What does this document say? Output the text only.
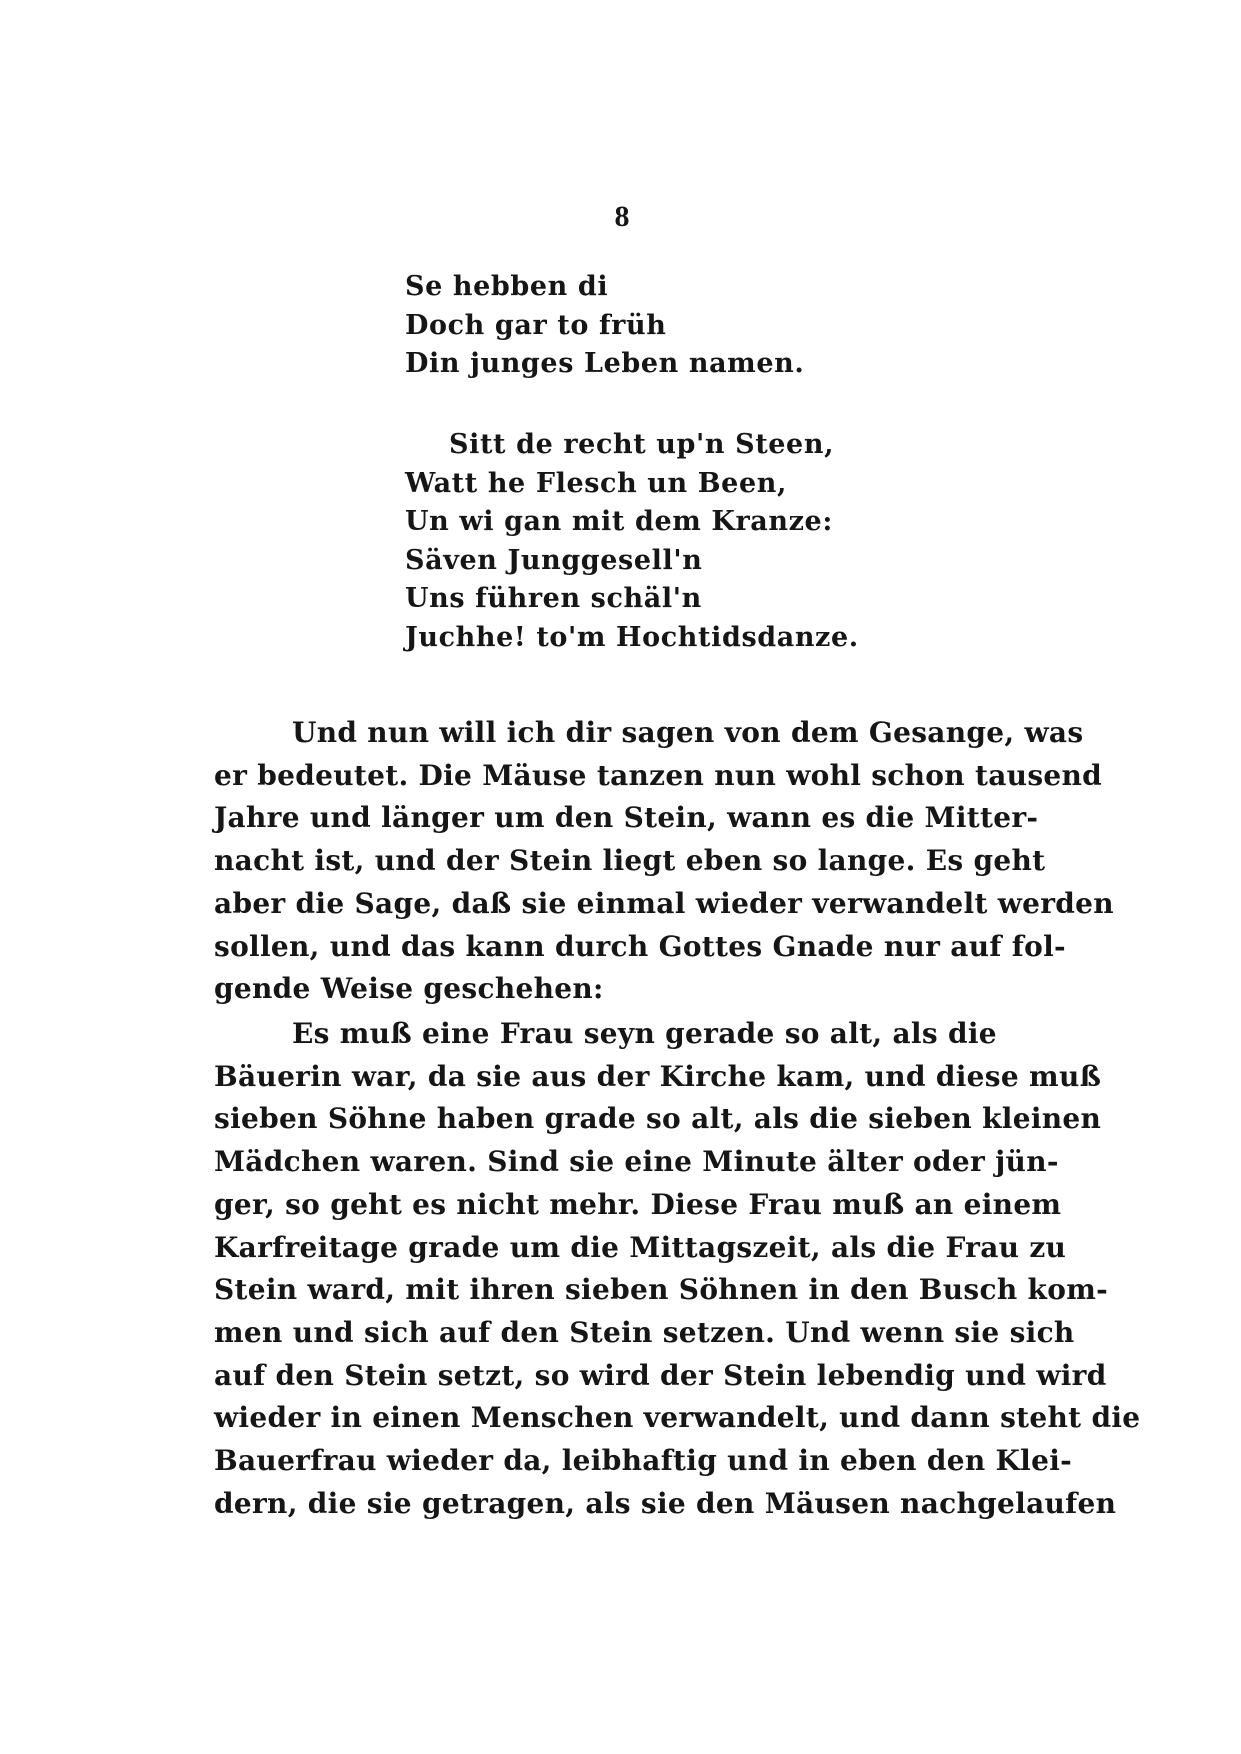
8
Se hebben di
Doch gar to früh
Din junges Leben namen.
Sitt de recht up'n Steen,
Watt he Flesch un Been,
Un wi gan mit dem Kranze:
Säven Junggesell'n
Uns führen schäl'n
Juchhe! to'm Hochtidsdanze.
Und nun will ich dir sagen von dem Gesange, was
er bedeutet. Die Mäuse tanzen nun wohl schon tausend
Jahre und länger um den Stein, wann es die Mitter-
nacht ist, und der Stein liegt eben so lange. Es geht
aber die Sage, daß sie einmal wieder verwandelt werden
sollen, und das kann durch Gottes Gnade nur auf fol-
gende Weise geschehen:
Es muß eine Frau seyn gerade so alt, als die
Bäuerin war, da sie aus der Kirche kam, und diese muß
sieben Söhne haben grade so alt, als die sieben kleinen
Mädchen waren. Sind sie eine Minute älter oder jün-
ger, so geht es nicht mehr. Diese Frau muß an einem
Karfreitage grade um die Mittagszeit, als die Frau zu
Stein ward, mit ihren sieben Söhnen in den Busch kom-
men und sich auf den Stein setzen. Und wenn sie sich
auf den Stein setzt, so wird der Stein lebendig und wird
wieder in einen Menschen verwandelt, und dann steht die
Bauerfrau wieder da, leibhaftig und in eben den Klei-
dern, die sie getragen, als sie den Mäusen nachgelaufen
